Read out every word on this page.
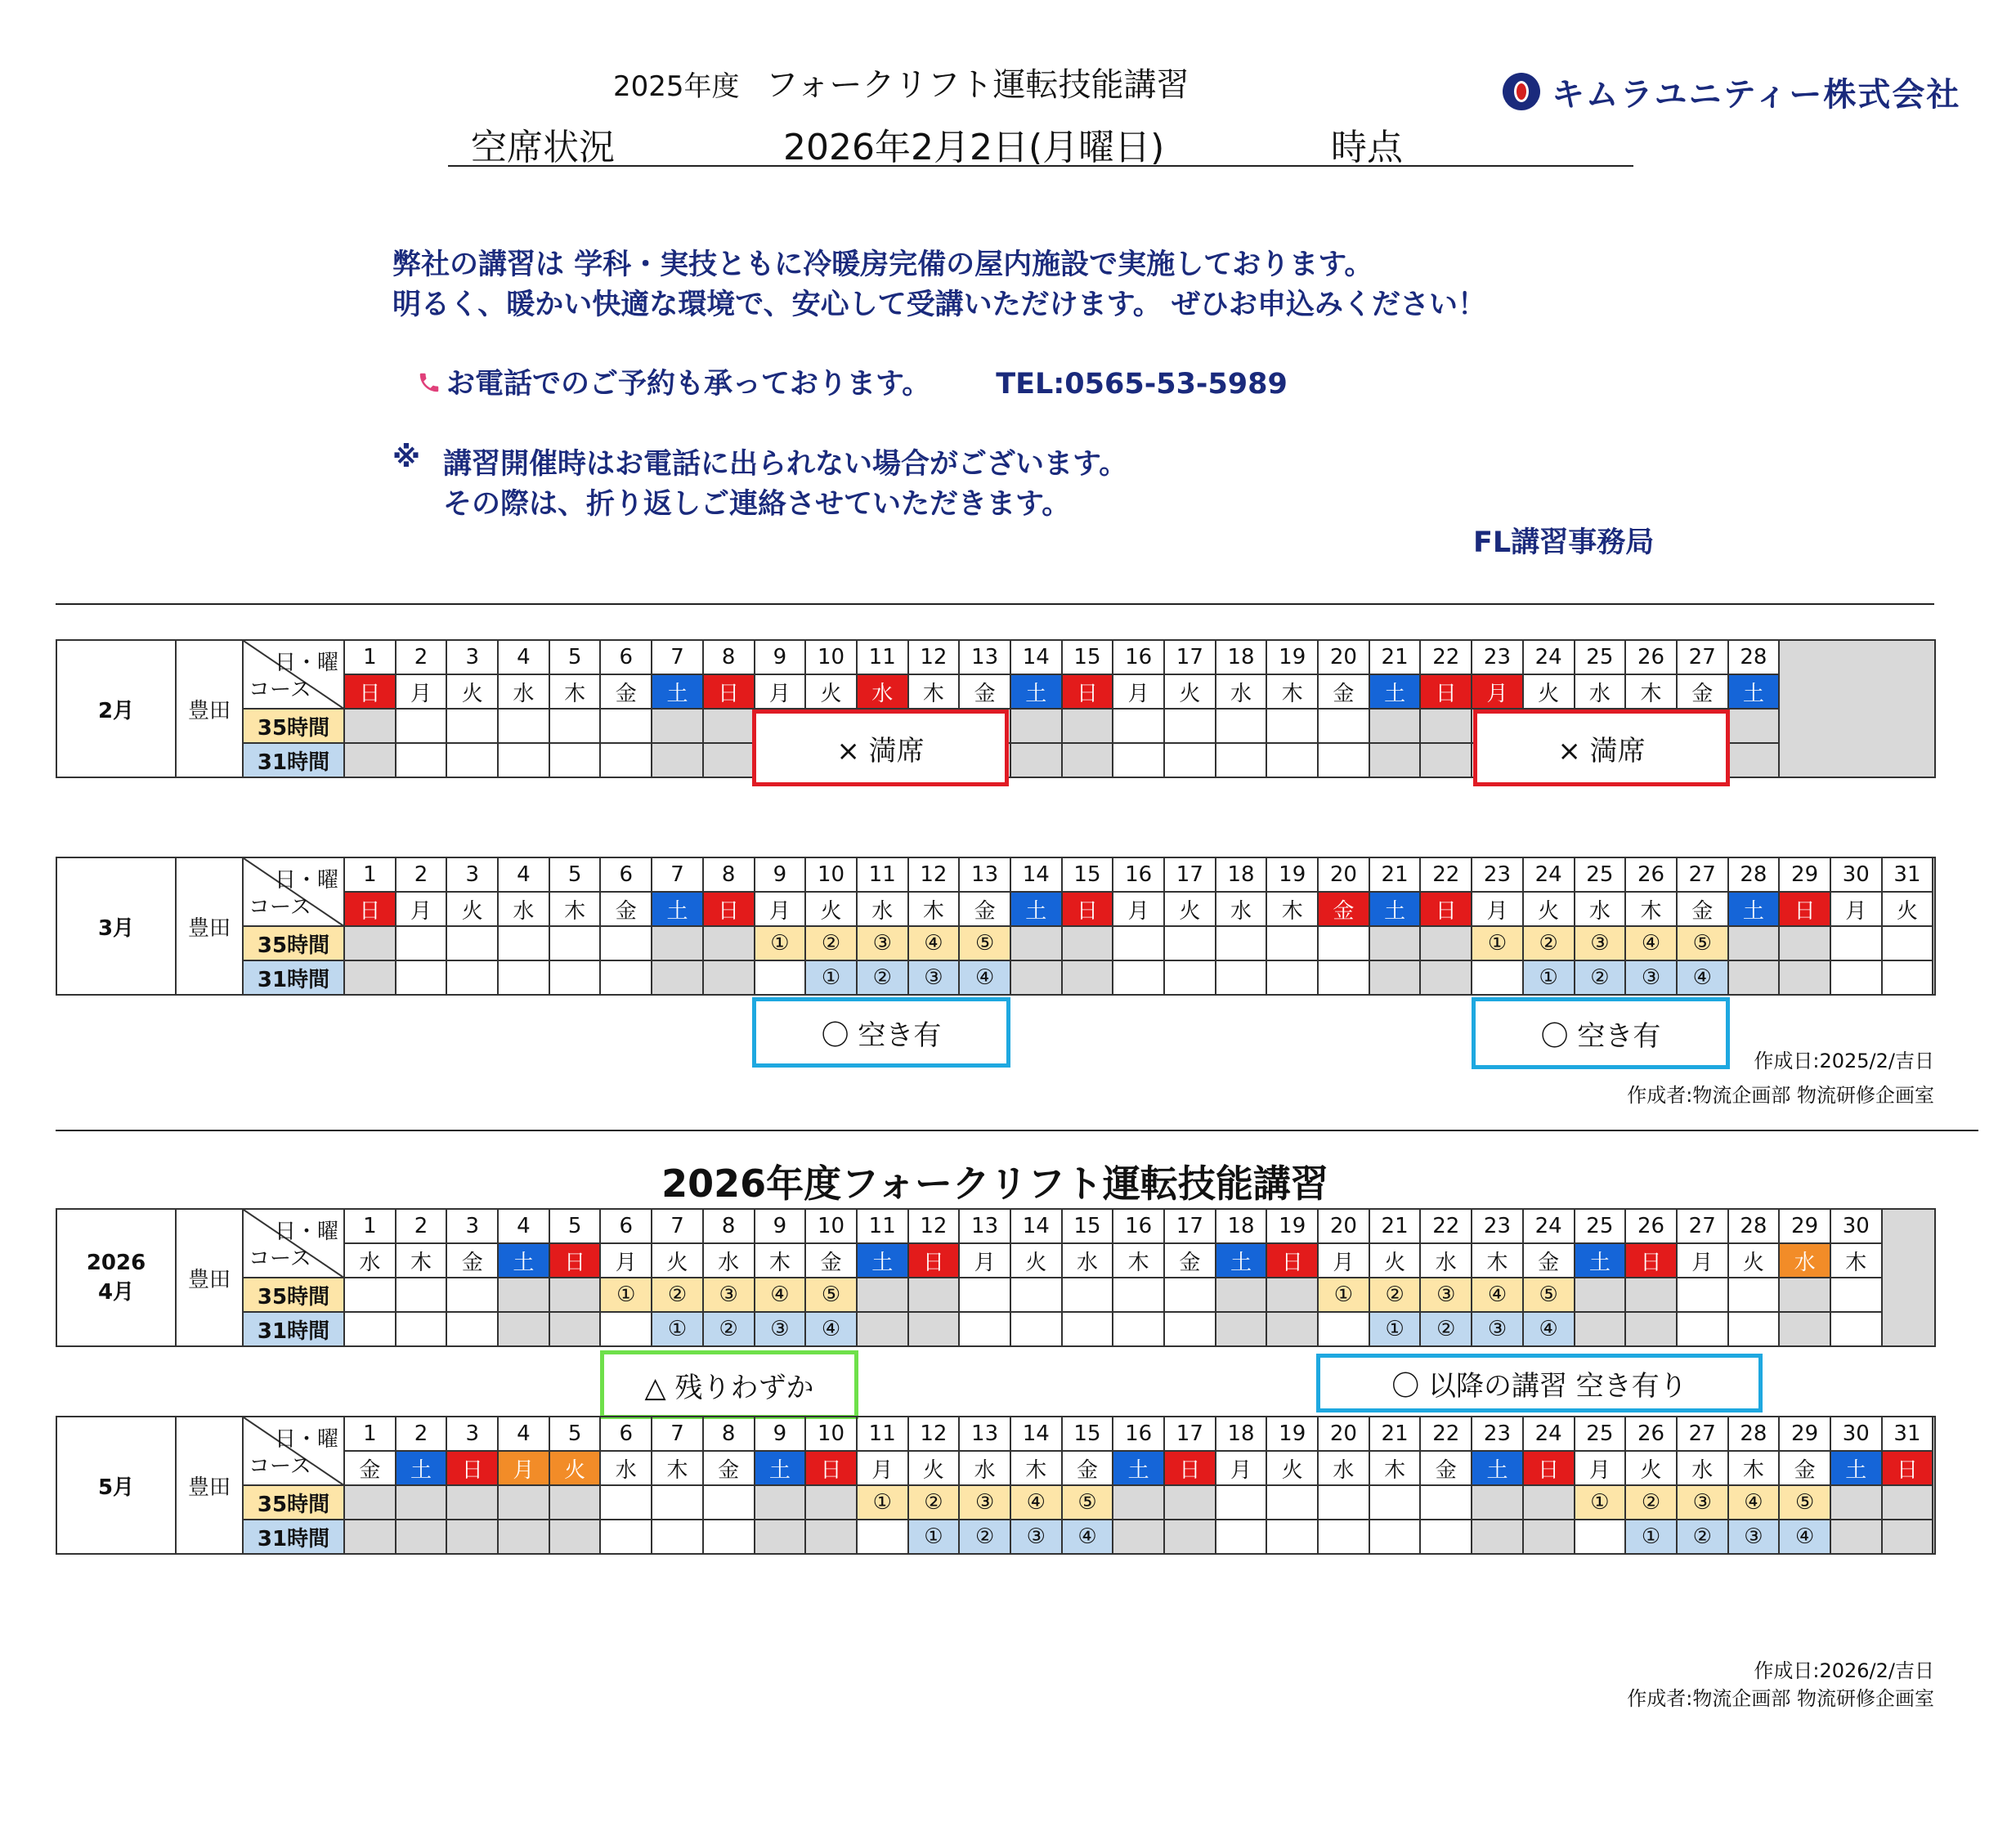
2025年度 フォークリフト運転技能講習
空席状況	2026年2月2日(月曜日)	時点
キムラユニティー株式会社
弊社の講習は 学科・実技ともに冷暖房完備の屋内施設で実施しております。
明るく、暖かい快適な環境で、安心して受講いただけます。 ぜひお申込みください！
お電話でのご予約も承っております。 TEL:0565-53-5989
※ 講習開催時はお電話に出られない場合がございます。
その際は、折り返しご連絡させていただきます。
FL講習事務局
2月	豊田	日・曜
コース	1	2	3	4	5	6	7	8	9	10	11	12	13	14	15	16	17	18	19	20	21	22	23	24	25	26	27	28	
			日	月	火	水	木	金	土	日	月	火	水	木	金	土	日	月	火	水	木	金	土	日	月	火	水	木	金	土	
		35時間																													
		31時間																													
3月	豊田	日・曜
コース	1	2	3	4	5	6	7	8	9	10	11	12	13	14	15	16	17	18	19	20	21	22	23	24	25	26	27	28	29	30	31	
			日	月	火	水	木	金	土	日	月	火	水	木	金	土	日	月	火	水	木	金	土	日	月	火	水	木	金	土	日	月	火	
		35時間									①	②	③	④	⑤										①	②	③	④	⑤					
		31時間										①	②	③	④											①	②	③	④					
× 満席	× 満席
〇 空き有	〇 空き有
作成日:2025/2/吉日
作成者:物流企画部 物流研修企画室
2026年度フォークリフト運転技能講習
2026
4月	豊田	日・曜
コース	1	2	3	4	5	6	7	8	9	10	11	12	13	14	15	16	17	18	19	20	21	22	23	24	25	26	27	28	29	30	
			水	木	金	土	日	月	火	水	木	金	土	日	月	火	水	木	金	土	日	月	火	水	木	金	土	日	月	火	水	木	
		35時間						①	②	③	④	⑤										①	②	③	④	⑤							
		31時間							①	②	③	④											①	②	③	④							
△ 残りわずか	〇 以降の講習 空き有り
5月	豊田	日・曜
コース	1	2	3	4	5	6	7	8	9	10	11	12	13	14	15	16	17	18	19	20	21	22	23	24	25	26	27	28	29	30	31	
			金	土	日	月	火	水	木	金	土	日	月	火	水	木	金	土	日	月	火	水	木	金	土	日	月	火	水	木	金	土	日	
		35時間											①	②	③	④	⑤										①	②	③	④	⑤			
		31時間												①	②	③	④											①	②	③	④			
作成日:2026/2/吉日
作成者:物流企画部 物流研修企画室
